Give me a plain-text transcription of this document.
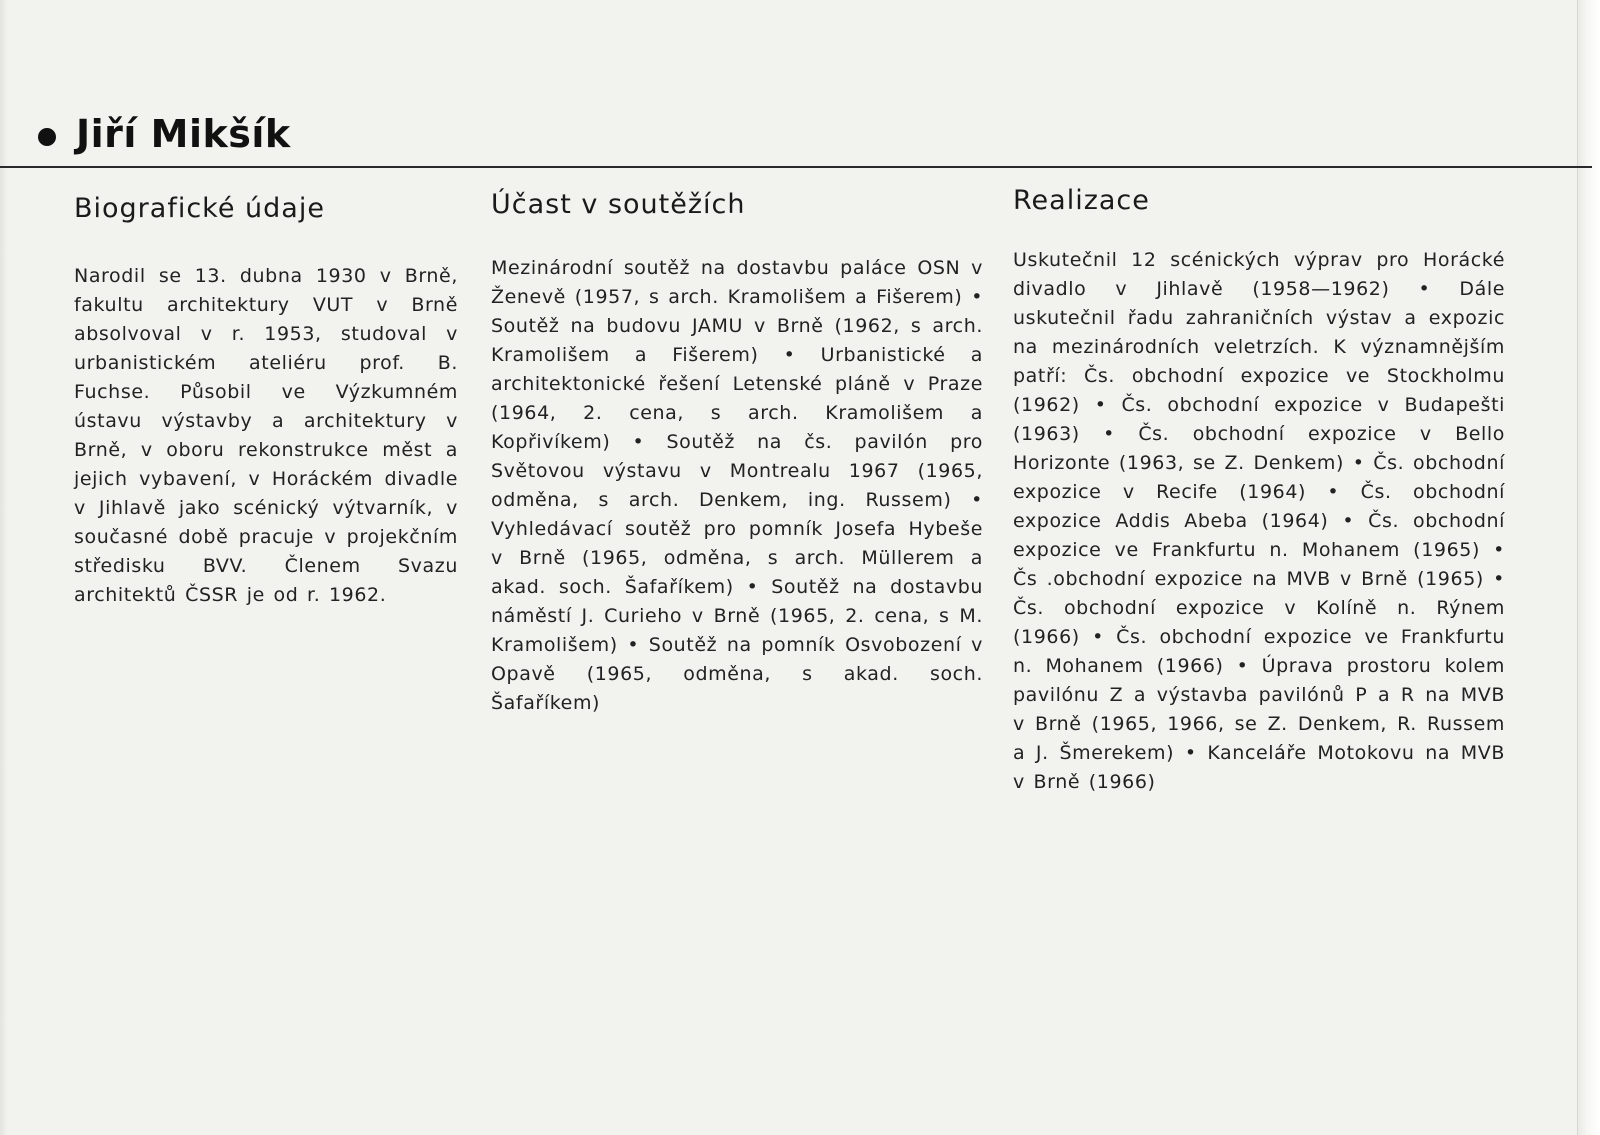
Jiří Mikšík
Biografické údaje

Narodil se 13. dubna 1930 v Brně, fakultu architektury VUT v Brně absolvoval v r. 1953, studoval v urbanistickém ateliéru prof. B. Fuchse. Působil ve Výzkumném ústavu výstavby a architektury v Brně, v oboru rekonstrukce měst a jejich vybavení, v Horáckém divadle v Jihlavě jako scénický výtvarník, v současné době pracuje v projekčním středisku BVV. Členem Svazu architektů ČSSR je od r. 1962.

Účast v soutěžích

Mezinárodní soutěž na dostavbu paláce OSN v Ženevě (1957, s arch. Kramolišem a Fišerem) • Soutěž na budovu JAMU v Brně (1962, s arch. Kramolišem a Fišerem) • Urbanistické a architektonické řešení Letenské pláně v Praze (1964, 2. cena, s arch. Kramolišem a Kopřivíkem) • Soutěž na čs. pavilón pro Světovou výstavu v Montrealu 1967 (1965, odměna, s arch. Denkem, ing. Russem) • Vyhledávací soutěž pro pomník Josefa Hybeše v Brně (1965, odměna, s arch. Müllerem a akad. soch. Šafaříkem) • Soutěž na dostavbu náměstí J. Curieho v Brně (1965, 2. cena, s M. Kramolišem) • Soutěž na pomník Osvobození v Opavě (1965, odměna, s akad. soch. Šafaříkem)

Realizace

Uskutečnil 12 scénických výprav pro Horácké divadlo v Jihlavě (1958—1962) • Dále uskutečnil řadu zahraničních výstav a expozic na mezinárodních veletrzích. K významnějším patří: Čs. obchodní expozice ve Stockholmu (1962) • Čs. obchodní expozice v Budapešti (1963) • Čs. obchodní expozice v Bello Horizonte (1963, se Z. Denkem) • Čs. obchodní expozice v Recife (1964) • Čs. obchodní expozice Addis Abeba (1964) • Čs. obchodní expozice ve Frankfurtu n. Mohanem (1965) • Čs .obchodní expozice na MVB v Brně (1965) • Čs. obchodní expozice v Kolíně n. Rýnem (1966) • Čs. obchodní expozice ve Frankfurtu n. Mohanem (1966) • Úprava prostoru kolem pavilónu Z a výstavba pavilónů P a R na MVB v Brně (1965, 1966, se Z. Denkem, R. Russem a J. Šmerekem) • Kanceláře Motokovu na MVB v Brně (1966)
